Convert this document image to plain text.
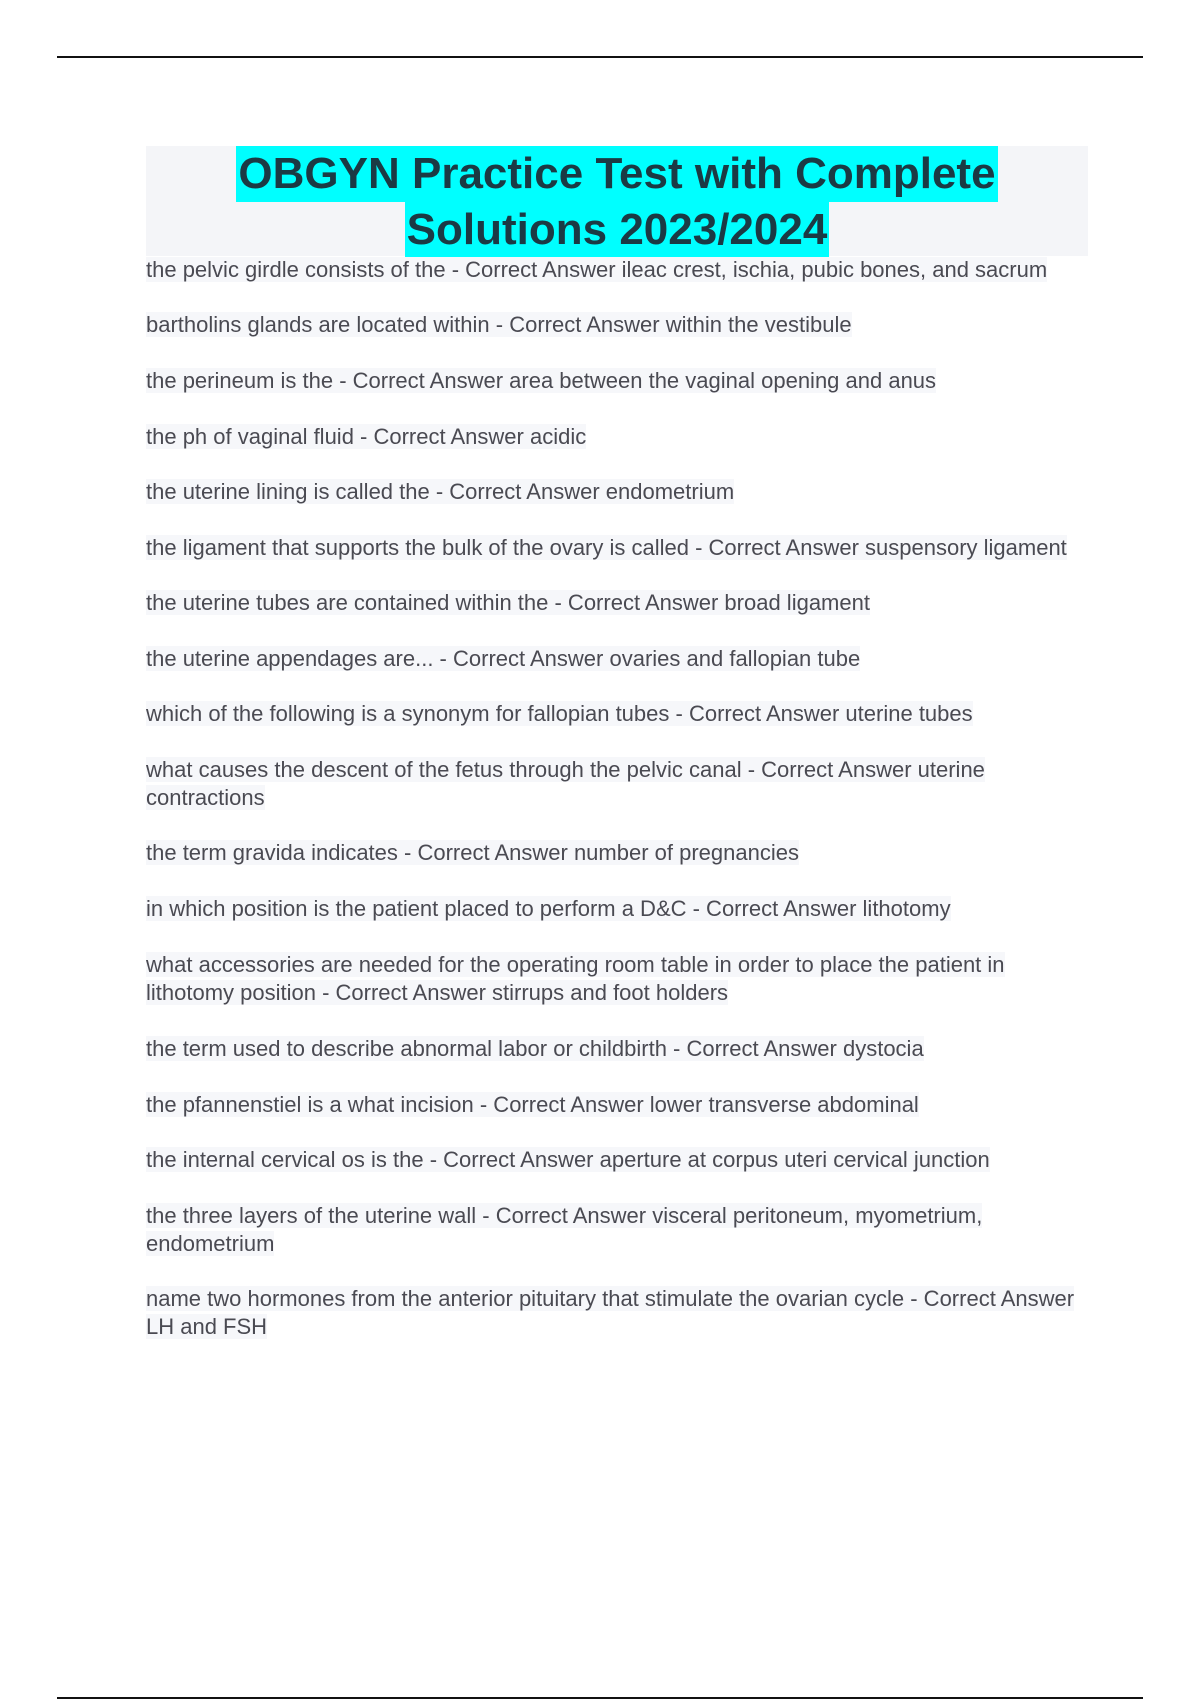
OBGYN Practice Test with Complete
Solutions 2023/2024
the pelvic girdle consists of the - Correct Answer ileac crest, ischia, pubic bones, and sacrum
bartholins glands are located within - Correct Answer within the vestibule
the perineum is the - Correct Answer area between the vaginal opening and anus
the ph of vaginal fluid - Correct Answer acidic
the uterine lining is called the - Correct Answer endometrium
the ligament that supports the bulk of the ovary is called - Correct Answer suspensory ligament
the uterine tubes are contained within the - Correct Answer broad ligament
the uterine appendages are... - Correct Answer ovaries and fallopian tube
which of the following is a synonym for fallopian tubes - Correct Answer uterine tubes
what causes the descent of the fetus through the pelvic canal - Correct Answer uterine contractions
the term gravida indicates - Correct Answer number of pregnancies
in which position is the patient placed to perform a D&C - Correct Answer lithotomy
what accessories are needed for the operating room table in order to place the patient in lithotomy position - Correct Answer stirrups and foot holders
the term used to describe abnormal labor or childbirth - Correct Answer dystocia
the pfannenstiel is a what incision - Correct Answer lower transverse abdominal
the internal cervical os is the - Correct Answer aperture at corpus uteri cervical junction
the three layers of the uterine wall - Correct Answer visceral peritoneum, myometrium, endometrium
name two hormones from the anterior pituitary that stimulate the ovarian cycle - Correct Answer LH and FSH
